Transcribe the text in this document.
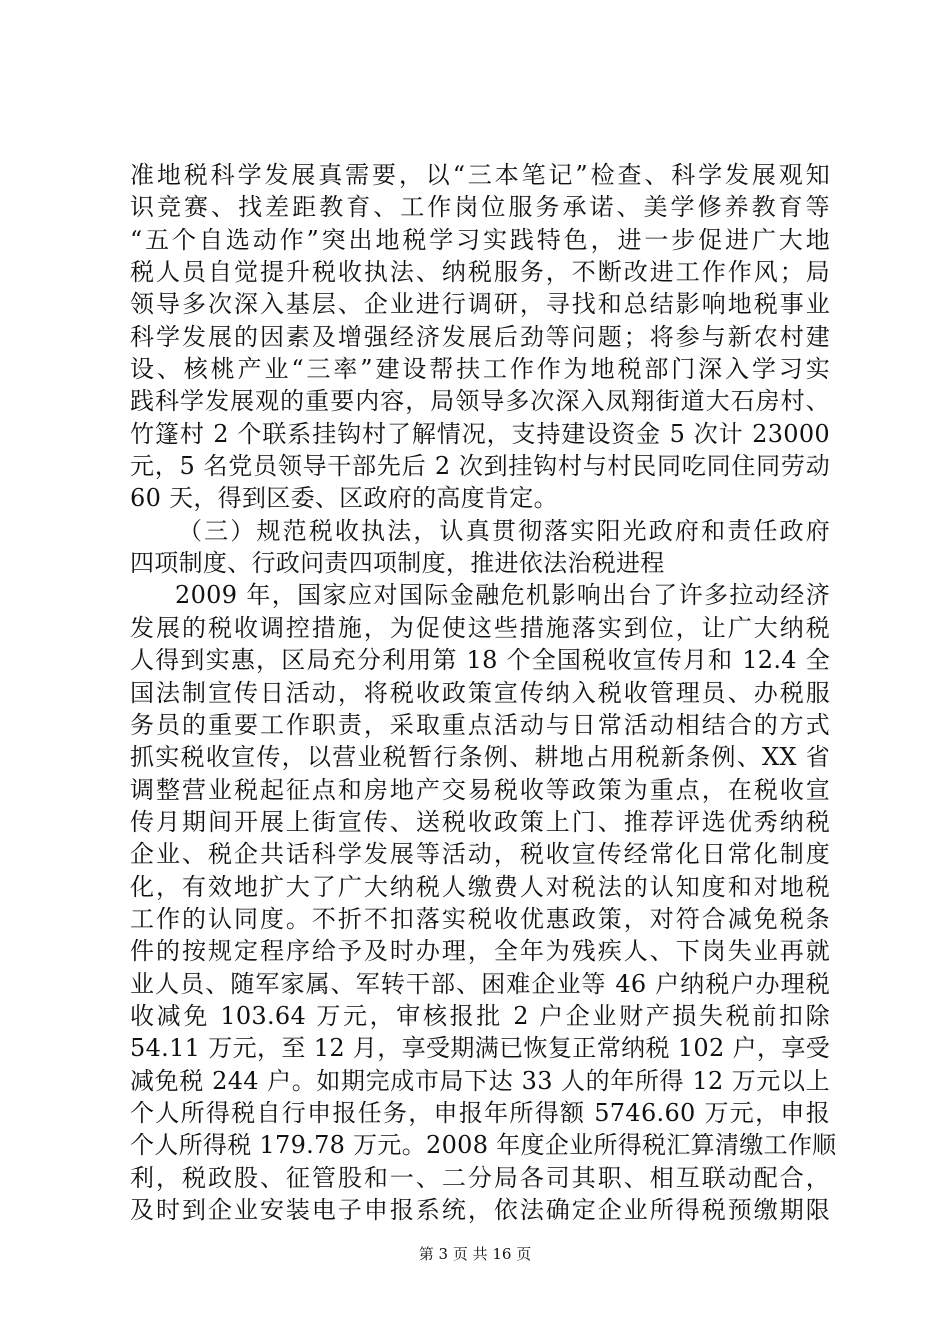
准地税科学发展真需要，以“三本笔记”检查、科学发展观知
识竞赛、找差距教育、工作岗位服务承诺、美学修养教育等
“五个自选动作”突出地税学习实践特色，进一步促进广大地
税人员自觉提升税收执法、纳税服务，不断改进工作作风；局
领导多次深入基层、企业进行调研，寻找和总结影响地税事业
科学发展的因素及增强经济发展后劲等问题；将参与新农村建
设、核桃产业“三率”建设帮扶工作作为地税部门深入学习实
践科学发展观的重要内容，局领导多次深入凤翔街道大石房村、
竹篷村 2 个联系挂钩村了解情况，支持建设资金 5 次计 23000
元，5 名党员领导干部先后 2 次到挂钩村与村民同吃同住同劳动
60 天，得到区委、区政府的高度肯定。
（三）规范税收执法，认真贯彻落实阳光政府和责任政府
四项制度、行政问责四项制度，推进依法治税进程
2009 年，国家应对国际金融危机影响出台了许多拉动经济
发展的税收调控措施，为促使这些措施落实到位，让广大纳税
人得到实惠，区局充分利用第 18 个全国税收宣传月和 12.4 全
国法制宣传日活动，将税收政策宣传纳入税收管理员、办税服
务员的重要工作职责，采取重点活动与日常活动相结合的方式
抓实税收宣传，以营业税暂行条例、耕地占用税新条例、XX 省
调整营业税起征点和房地产交易税收等政策为重点，在税收宣
传月期间开展上街宣传、送税收政策上门、推荐评选优秀纳税
企业、税企共话科学发展等活动，税收宣传经常化日常化制度
化，有效地扩大了广大纳税人缴费人对税法的认知度和对地税
工作的认同度。不折不扣落实税收优惠政策，对符合减免税条
件的按规定程序给予及时办理，全年为残疾人、下岗失业再就
业人员、随军家属、军转干部、困难企业等 46 户纳税户办理税
收减免 103.64 万元，审核报批 2 户企业财产损失税前扣除
54.11 万元，至 12 月，享受期满已恢复正常纳税 102 户，享受
减免税 244 户。如期完成市局下达 33 人的年所得 12 万元以上
个人所得税自行申报任务，申报年所得额 5746.60 万元，申报
个人所得税 179.78 万元。2008 年度企业所得税汇算清缴工作顺
利，税政股、征管股和一、二分局各司其职、相互联动配合，
及时到企业安装电子申报系统，依法确定企业所得税预缴期限
第 3 页 共 16 页
